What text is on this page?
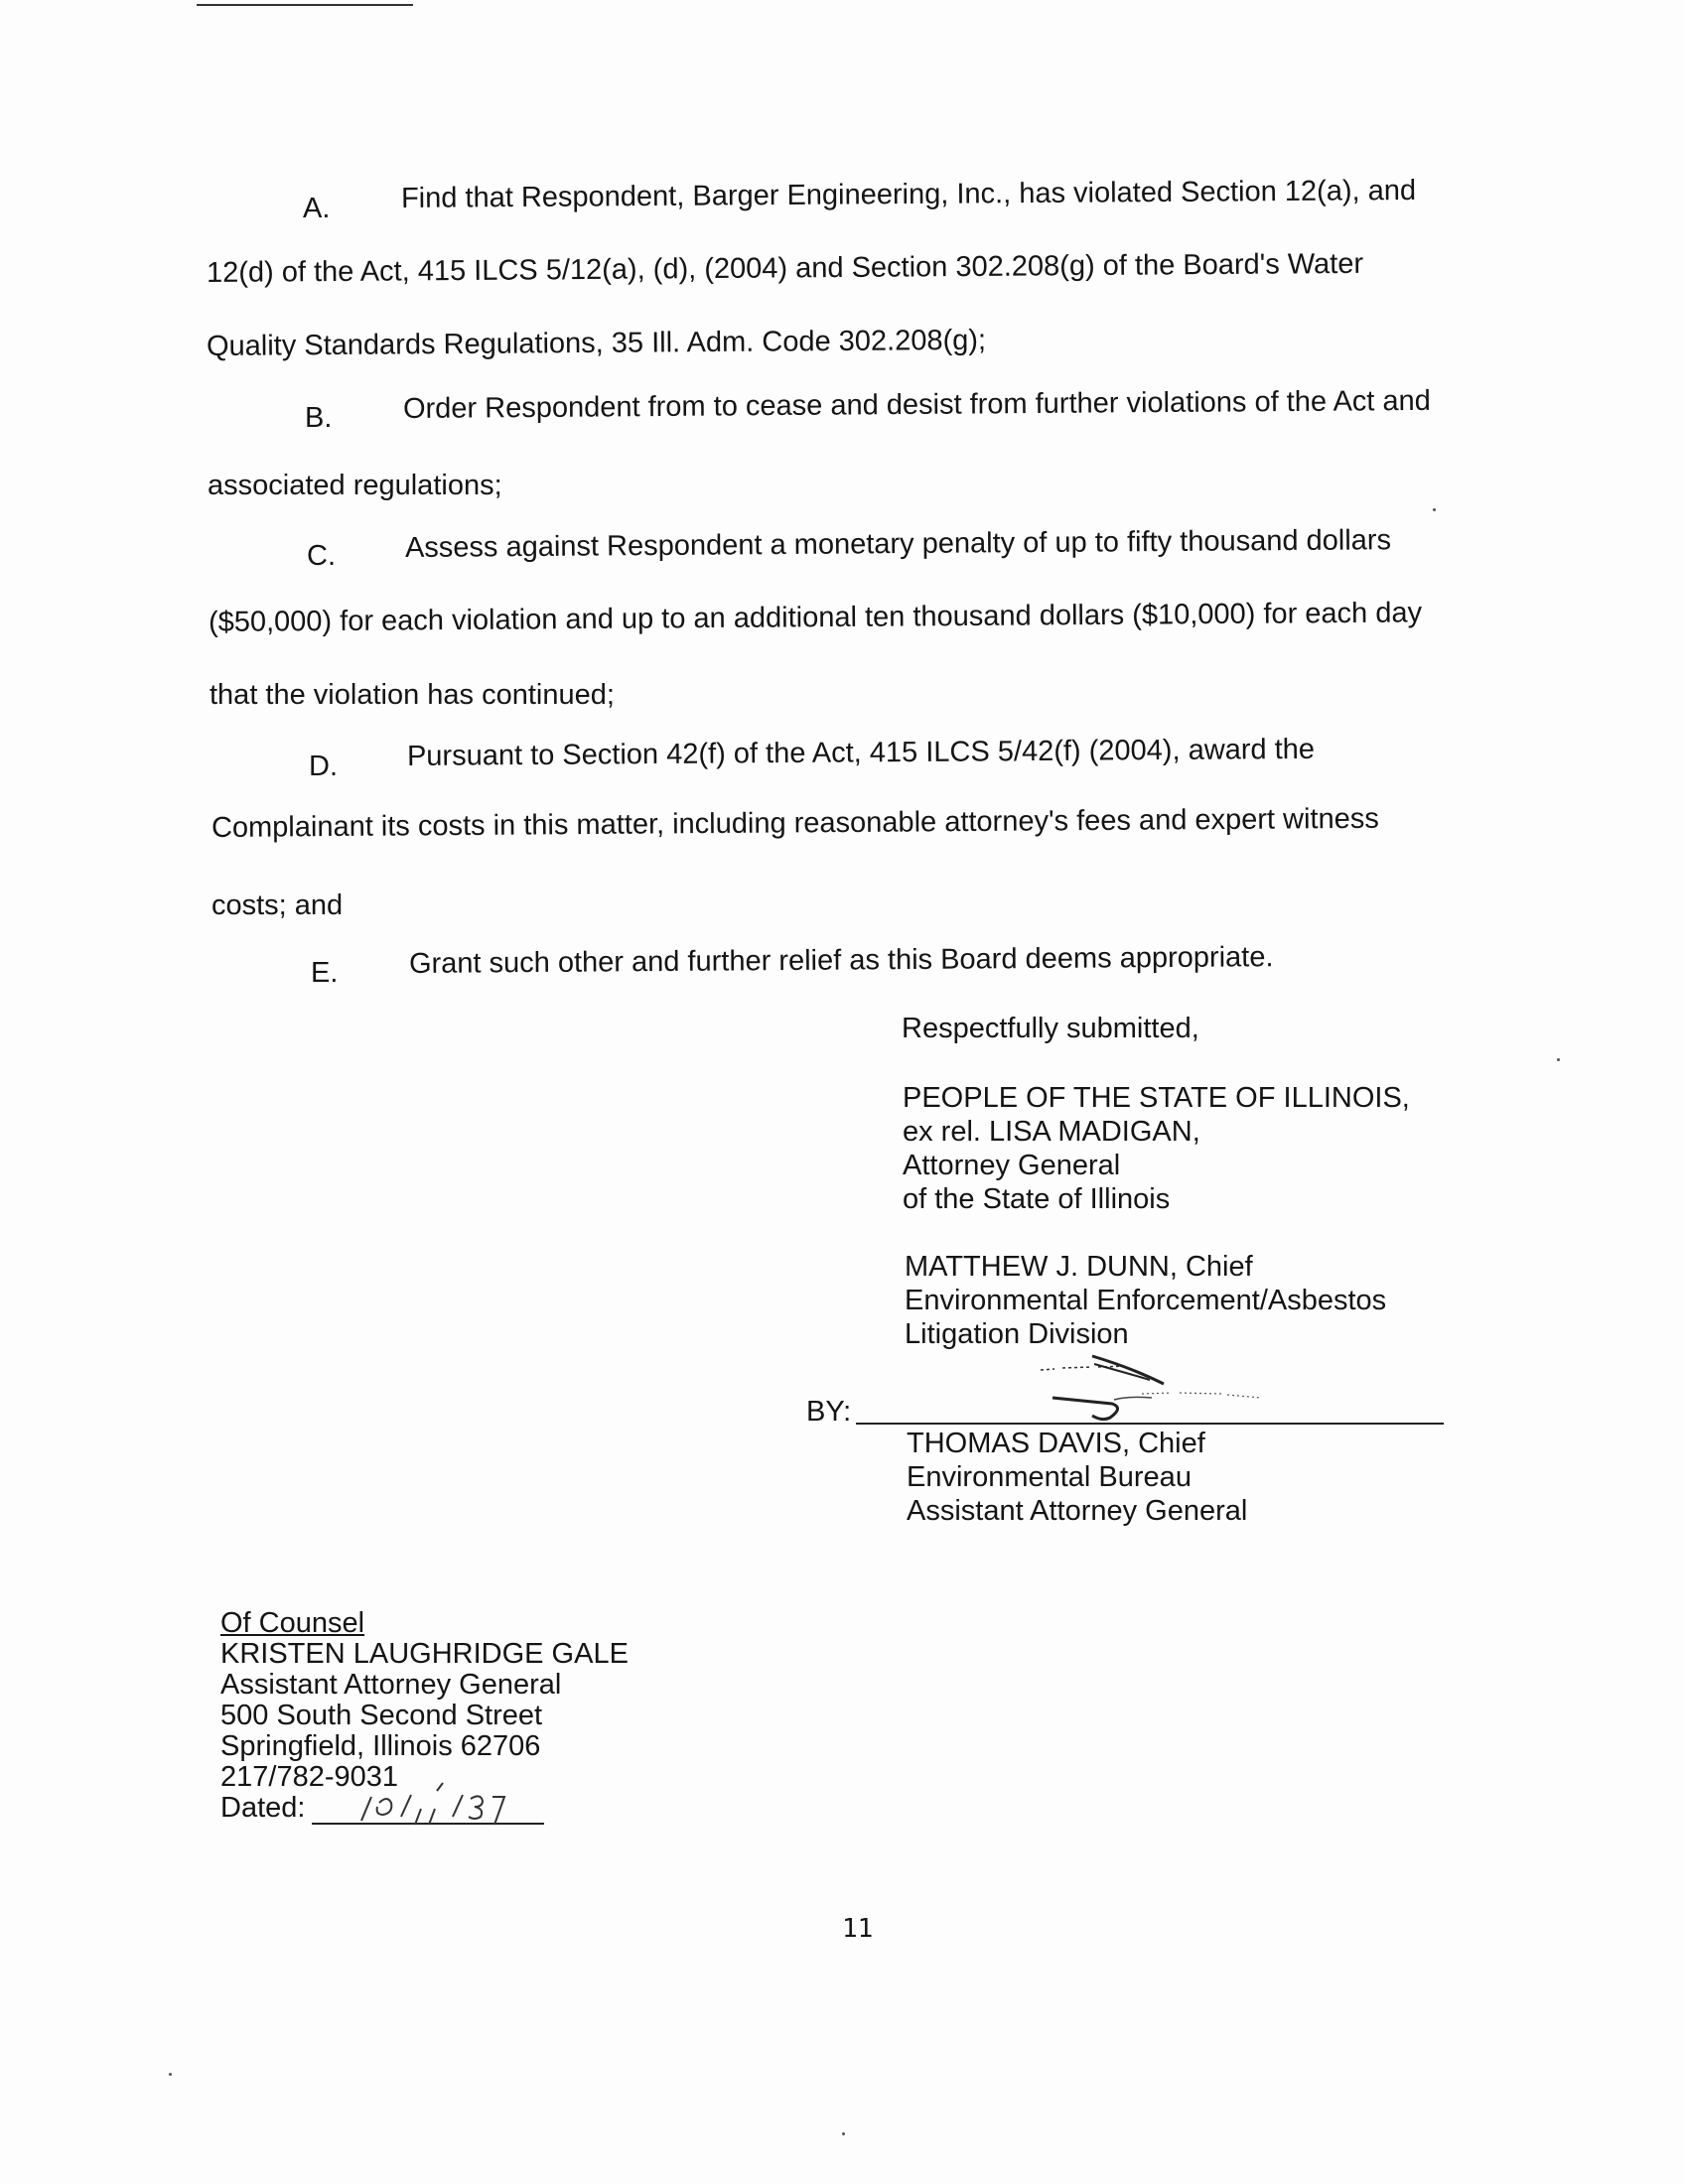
A. Find that Respondent, Barger Engineering, Inc., has violated Section 12(a), and
12(d) of the Act, 415 ILCS 5/12(a), (d), (2004) and Section 302.208(g) of the Board's Water
Quality Standards Regulations, 35 Ill. Adm. Code 302.208(g);
B. Order Respondent from to cease and desist from further violations of the Act and
associated regulations;
C. Assess against Respondent a monetary penalty of up to fifty thousand dollars
($50,000) for each violation and up to an additional ten thousand dollars ($10,000) for each day
that the violation has continued;
D. Pursuant to Section 42(f) of the Act, 415 ILCS 5/42(f) (2004), award the
Complainant its costs in this matter, including reasonable attorney's fees and expert witness
costs; and
E. Grant such other and further relief as this Board deems appropriate.
Respectfully submitted,
PEOPLE OF THE STATE OF ILLINOIS,
ex rel. LISA MADIGAN,
Attorney General
of the State of Illinois
MATTHEW J. DUNN, Chief
Environmental Enforcement/Asbestos
Litigation Division
BY:
THOMAS DAVIS, Chief
Environmental Bureau
Assistant Attorney General
Of Counsel
KRISTEN LAUGHRIDGE GALE
Assistant Attorney General
500 South Second Street
Springfield, Illinois 62706
217/782-9031
Dated:
11
